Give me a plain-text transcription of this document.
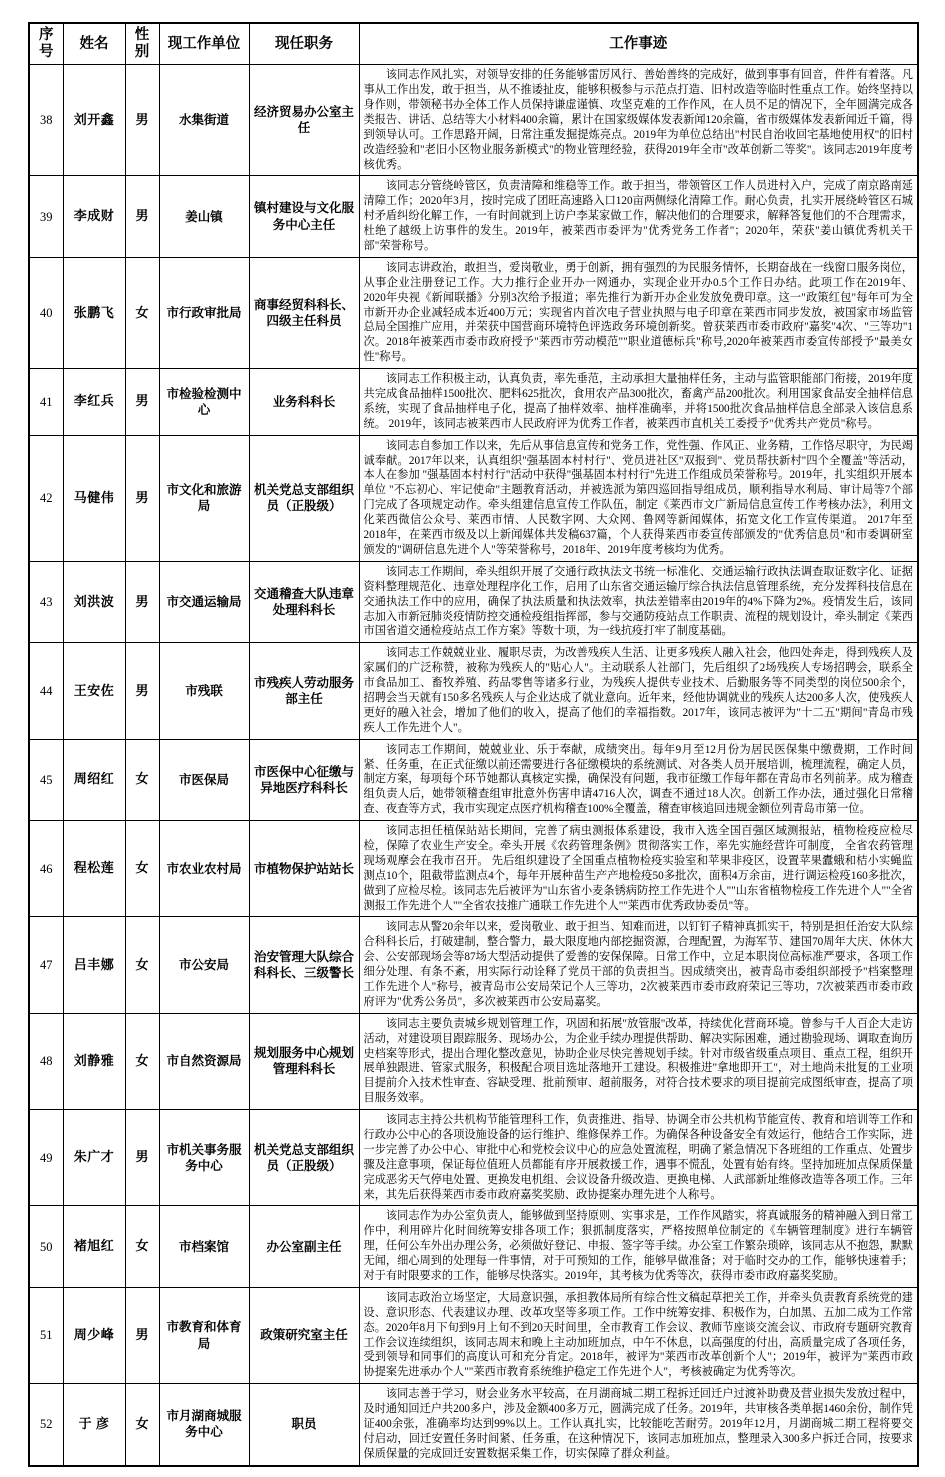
序号	姓名	性别	现工作单位	现任职务	工作事迹
38	刘开鑫	男	水集街道	经济贸易办公室主任	该同志作风扎实，对领导安排的任务能够雷厉风行、善始善终的完成好，做到事事有回音，件件有着落。凡事从工作出发，敢于担当，从不推诿扯皮，能够积极参与示范点打造、旧村改造等临时性重点工作。始终坚持以身作则，带领秘书办全体工作人员保持谦虚谨慎、攻坚克难的工作作风，在人员不足的情况下，全年圆满完成各类报告、讲话、总结等大小材料400余篇，累计在国家级媒体发表新闻120余篇，省市级媒体发表新闻近千篇，得到领导认可。工作思路开阔，日常注重发掘提炼亮点。2019年为单位总结出"村民自治收回宅基地使用权"的旧村改造经验和"老旧小区物业服务新模式"的物业管理经验，获得2019年全市"改革创新二等奖"。该同志2019年度考核优秀。
39	李成财	男	姜山镇	镇村建设与文化服务中心主任	该同志分管绕岭管区，负责清障和维稳等工作。敢于担当，带领管区工作人员进村入户，完成了南京路南延清障工作；2020年3月，按时完成了团旺高速路入口120亩两侧绿化清障工作。耐心负责，扎实开展绕岭管区石城村矛盾纠纷化解工作，一有时间就到上访户李某家做工作，解决他们的合理要求，解释答复他们的不合理需求，杜绝了越级上访事件的发生。2019年，被莱西市委评为"优秀党务工作者"；2020年，荣获"姜山镇优秀机关干部"荣誉称号。
40	张鹏飞	女	市行政审批局	商事经贸科科长、四级主任科员	该同志讲政治，敢担当，爱岗敬业，勇于创新，拥有强烈的为民服务情怀，长期奋战在一线窗口服务岗位，从事企业注册登记工作。大力推行企业开办一网通办，实现企业开办0.5个工作日办结。此项工作在2019年、2020年央视《新闻联播》分别3次给予报道；率先推行为新开办企业发放免费印章。这一"政策红包"每年可为全市新开办企业减轻成本近400万元；实现省内首次电子营业执照与电子印章在莱西市同步发放，被国家市场监管总局全国推广应用，并荣获中国营商环境特色评选政务环境创新奖。曾获莱西市委市政府"嘉奖"4次、"三等功"1次。2018年被莱西市委市政府授予"莱西市劳动模范""职业道德标兵"称号,2020年被莱西市委宣传部授予"最美女性"称号。
41	李红兵	男	市检验检测中心	业务科科长	该同志工作积极主动，认真负责，率先垂范，主动承担大量抽样任务，主动与监管职能部门衔接，2019年度共完成食品抽样1500批次、肥料625批次，食用农产品300批次，畜禽产品200批次。利用国家食品安全抽样信息系统，实现了食品抽样电子化，提高了抽样效率、抽样准确率，并将1500批次食品抽样信息全部录入该信息系统。 2019年，该同志被莱西市人民政府评为优秀工作者，被莱西市直机关工委授予"优秀共产党员"称号。
42	马健伟	男	市文化和旅游局	机关党总支部组织员（正股级）	该同志自参加工作以来，先后从事信息宣传和党务工作，党性强、作风正、业务精，工作恪尽职守，为民竭诚奉献。2017年以来，认真组织"强基固本村村行"、党员进社区"双报到"、党员帮扶新村"四个全覆盖"等活动，本人在参加 "强基固本村村行"活动中获得"强基固本村村行"先进工作组成员荣誉称号。2019年，扎实组织开展本单位 "不忘初心、牢记使命"主题教育活动，并被选派为第四巡回指导组成员，顺利指导水利局、审计局等7个部门完成了各项规定动作。牵头组建信息宣传工作队伍，制定《莱西市文广新局信息宣传工作考核办法》，利用文化莱西微信公众号、莱西市情、人民数字网、大众网、鲁网等新闻媒体，拓宽文化工作宣传渠道。 2017年至2018年，在莱西市级及以上新闻媒体共发稿637篇，个人获得莱西市委宣传部颁发的"优秀信息员"和市委调研室颁发的"调研信息先进个人"等荣誉称号，2018年、2019年度考核均为优秀。
43	刘洪波	男	市交通运输局	交通稽查大队违章处理科科长	该同志工作期间，牵头组织开展了交通行政执法文书统一标准化、交通运输行政执法调查取证数字化、证据资料整理规范化、违章处理程序化工作，启用了山东省交通运输厅综合执法信息管理系统，充分发挥科技信息在交通执法工作中的应用，确保了执法质量和执法效率，执法差错率由2019年的4%下降为2%。疫情发生后，该同志加入市新冠肺炎疫情防控交通检疫组指挥部，参与交通防疫站点工作职责、流程的规划设计，牵头制定《莱西市国省道交通检疫站点工作方案》等数十项，为一线抗疫打牢了制度基础。
44	王安佐	男	市残联	市残疾人劳动服务部主任	该同志工作兢兢业业、履职尽责，为改善残疾人生活、让更多残疾人融入社会，他四处奔走，得到残疾人及家属们的广泛称赞，被称为残疾人的"贴心人"。主动联系人社部门，先后组织了2场残疾人专场招聘会，联系全市食品加工、畜牧养殖、药品零售等诸多行业，为残疾人提供专业技术、后勤服务等不同类型的岗位500余个，招聘会当天就有150多名残疾人与企业达成了就业意向。近年来，经他协调就业的残疾人达200多人次，使残疾人更好的融入社会，增加了他们的收入，提高了他们的幸福指数。2017年，该同志被评为"十二五"期间"青岛市残疾人工作先进个人"。
45	周绍红	女	市医保局	市医保中心征缴与异地医疗科科长	该同志工作期间，兢兢业业、乐于奉献，成绩突出。每年9月至12月份为居民医保集中缴费期，工作时间紧、任务重，在正式征缴以前还需要进行各征缴模块的系统测试、对各类人员开展培训，梳理流程，确定人员，制定方案，每项每个环节她都认真核定实操，确保没有问题，我市征缴工作每年都在青岛市名列前茅。成为稽查组负责人后，她带领稽查组审批意外伤害申请4716人次，调查不通过18人次。创新工作办法，通过强化日常稽查、夜查等方式，我市实现定点医疗机构稽查100%全覆盖，稽查审核追回违规金额位列青岛市第一位。
46	程松莲	女	市农业农村局	市植物保护站站长	该同志担任植保站站长期间，完善了病虫测报体系建设，我市入选全国百强区域测报站，植物检疫应检尽检，保障了农业生产安全。牵头开展《农药管理条例》贯彻落实工作，率先实施经营许可制度， 全省农药管理现场观摩会在我市召开。 先后组织建设了全国重点植物检疫实验室和苹果非疫区，设置苹果蠹蛾和桔小实蝇监测点10个，阻截带监测点4个，每年开展种苗生产产地检疫50多批次，面积4万余亩，进行调运检疫160多批次，做到了应检尽检。该同志先后被评为"山东省小麦条锈病防控工作先进个人""山东省植物检疫工作先进个人""全省测报工作先进个人""全省农技推广通联工作先进个人""莱西市优秀政协委员"等。
47	吕丰娜	女	市公安局	治安管理大队综合科科长、三级警长	该同志从警20余年以来，爱岗敬业、敢于担当、知难而进，以钉钉子精神真抓实干，特别是担任治安大队综合科科长后，打破建制，整合警力，最大限度地内部挖掘资源，合理配置，为海军节、建国70周年大庆、休休大会、公安部现场会等87场大型活动提供了爱善的安保保障。日常工作中，立足本职岗位高标准严要求，各项工作细分处理、有条不紊，用实际行动诠释了党员干部的负责担当。因成绩突出，被青岛市委组织部授予"档案整理工作先进个人"称号，被青岛市公安局荣记个人三等功，2次被莱西市委市政府荣记三等功，7次被莱西市委市政府评为"优秀公务员"，多次被莱西市公安局嘉奖。
48	刘静雅	女	市自然资源局	规划服务中心规划管理科科长	该同志主要负责城乡规划管理工作，巩固和拓展"放管服"改革，持续优化营商环境。曾参与千人百企大走访活动，对建设项目跟踪服务、现场办公，为企业手续办理提供帮助、解决实际困难，通过勘验现场、调取查询历史档案等形式，提出合理化整改意见，协助企业尽快完善规划手续。针对市级省级重点项目、重点工程，组织开展单独跟进、管家式服务，积极配合项目选址落地开工建设。积极推进"拿地即开工"，对土地尚未批复的工业项目提前介入技术性审查、容缺受理、批前预审、超前服务，对符合技术要求的项目提前完成图纸审查，提高了项目服务效率。
49	朱广才	男	市机关事务服务中心	机关党总支部组织员（正股级）	该同志主持公共机构节能管理科工作，负责推进、指导、协调全市公共机构节能宣传、教育和培训等工作和行政办公中心的各项设施设备的运行维护、维修保养工作。为确保各种设备安全有效运行，他结合工作实际，进一步完善了办公中心、审批中心和党校会议中心的应急处置流程，明确了紧急情况下各班组的工作重点、处置步骤及注意事项，保证每位值班人员都能有序开展救援工作，遇事不慌乱，处置有始有终。坚持加班加点保质保量完成恶劣天气停电处置、更换发电机组、会议设备升级改造、更换电梯、人武部新址维修改造等各项工作。三年来，其先后获得莱西市委市政府嘉奖奖励、政协提案办理先进个人称号。
50	褚旭红	女	市档案馆	办公室副主任	该同志作为办公室负责人，能够做到坚持原则、实事求是，工作作风踏实，将真诚服务的精神融入到日常工作中，利用碎片化时间统筹安排各项工作；狠抓制度落实，严格按照单位制定的《车辆管理制度》进行车辆管理，任何公车外出办理公务，必须做好登记、申报、签字等手续。办公室工作繁杂琐碎，该同志从不抱怨，默默无闻，细心周到的处理每一件事情，对于可预知的工作，能够早做准备；对于临时交办的工作，能够快速着手；对于有时限要求的工作，能够尽快落实。2019年，其考核为优秀等次，获得市委市政府嘉奖奖励。
51	周少峰	男	市教育和体育局	政策研究室主任	该同志政治立场坚定，大局意识强，承担教体局所有综合性文稿起草把关工作，并牵头负责教育系统党的建设、意识形态、代表建议办理、改革攻坚等多项工作。工作中统筹安排、积极作为，白加黑、五加二成为工作常态。2020年8月下旬到9月上旬不到20天时间里，全市教育工作会议、教师节座谈交流会议、市政府专题研究教育工作会议连续组织，该同志周末和晚上主动加班加点，中午不休息，以高强度的付出，高质量完成了各项任务，受到领导和同事们的高度认可和充分肯定。2018年，被评为"莱西市改革创新个人"；2019年，被评为"莱西市政协提案先进承办个人""莱西市教育系统维护稳定工作先进个人"，考核被确定为优秀等次。
52	于 彦	女	市月湖商城服务中心	职员	该同志善于学习，财会业务水平较高，在月湖商城二期工程拆迁回迁户过渡补助费及营业损失发放过程中，及时通知回迁户共200多户，涉及金额400多万元，圆满完成了任务。2019年，共审核各类单据1460余份，制作凭证400余张，准确率均达到99%以上。工作认真扎实，比较能吃苦耐劳。2019年12月，月湖商城二期工程将要交付启动，回迁安置任务时间紧、任务重，在这种情况下，该同志加班加点，整理录入300多户拆迁合同，按要求保质保量的完成回迁安置数据采集工作，切实保障了群众利益。
